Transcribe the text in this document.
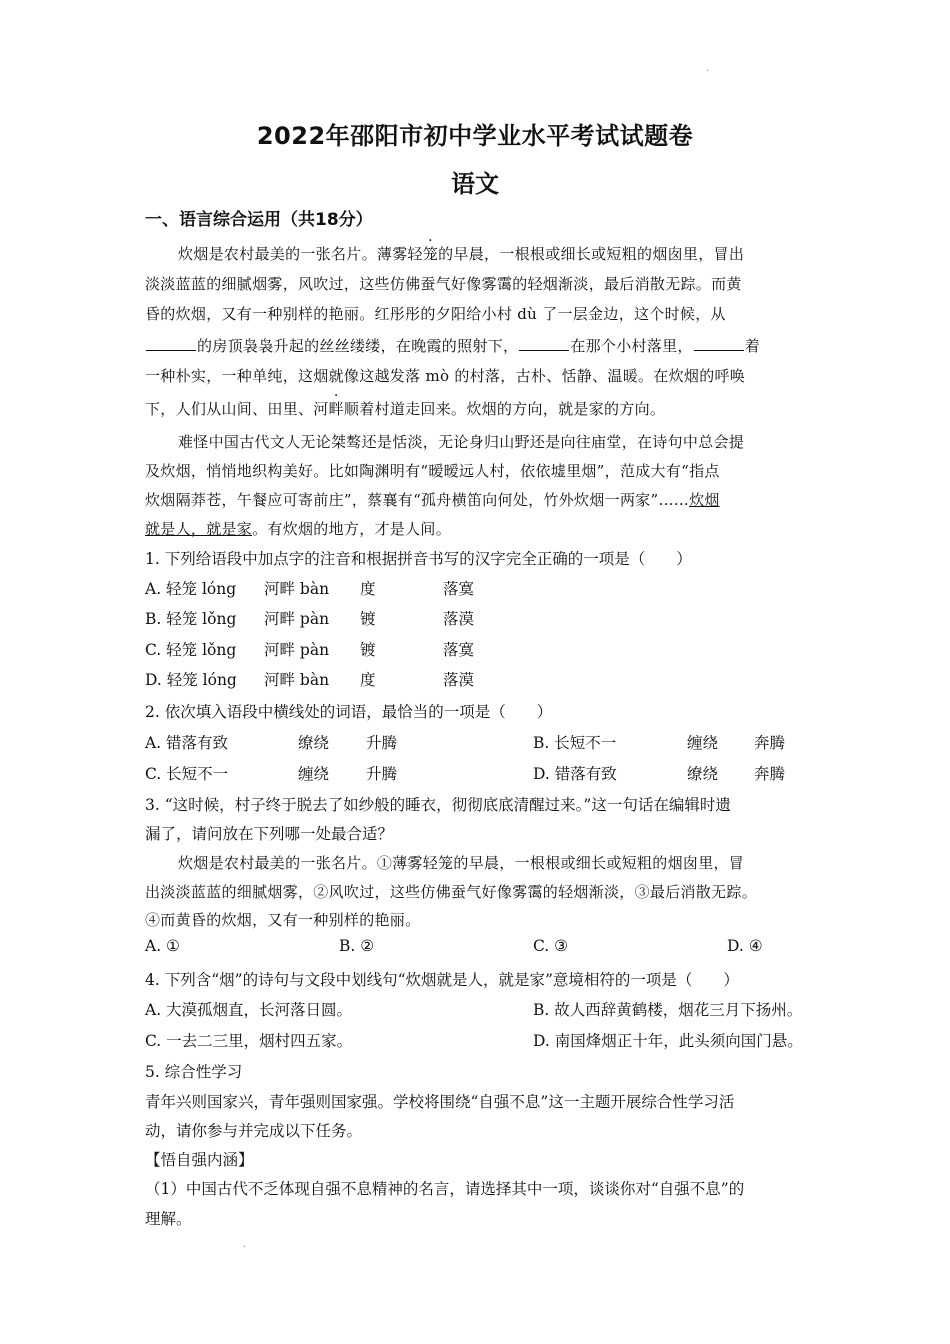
·
2022年邵阳市初中学业水平考试试题卷
语文
一、语言综合运用（共18分）
炊烟是农村最美的一张名片。薄雾轻笼的早晨，一根根或细长或短粗的烟囱里，冒出
淡淡蓝蓝的细腻烟雾，风吹过，这些仿佛蚕气好像雾霭的轻烟渐淡，最后消散无踪。而黄
昏的炊烟，又有一种别样的艳丽。红彤彤的夕阳给小村 dù 了一层金边，这个时候，从
的房顶袅袅升起的丝丝缕缕，在晚霞的照射下，	在那个小村落里，	着
一种朴实，一种单纯，这烟就像这越发落 mò 的村落，古朴、恬静、温暖。在炊烟的呼唤
下，人们从山间、田里、河畔顺着村道走回来。炊烟的方向，就是家的方向。
难怪中国古代文人无论桀骜还是恬淡，无论身归山野还是向往庙堂，在诗句中总会提
及炊烟，悄悄地织构美好。比如陶渊明有“暧暧远人村，依依墟里烟”，范成大有“指点
炊烟隔莽苍，午餐应可寄前庄”，蔡襄有“孤舟横笛向何处，竹外炊烟一两家”……炊烟
就是人，就是家。有炊烟的地方，才是人间。
1. 下列给语段中加点字的注音和根据拼音书写的汉字完全正确的一项是（　　）
A. 轻笼 lóng 河畔 bàn 度	落寞
B. 轻笼 lǒng 河畔 pàn 镀	落漠
C. 轻笼 lǒng 河畔 pàn 镀	落寞
D. 轻笼 lóng 河畔 bàn 度	落漠
2. 依次填入语段中横线处的词语，最恰当的一项是（　　）
A. 错落有致	缭绕 升腾	B. 长短不一	缠绕 奔腾
C. 长短不一	缠绕 升腾	D. 错落有致	缭绕 奔腾
3. “这时候，村子终于脱去了如纱般的睡衣，彻彻底底清醒过来。”这一句话在编辑时遗
漏了，请问放在下列哪一处最合适？
炊烟是农村最美的一张名片。①薄雾轻笼的早晨，一根根或细长或短粗的烟囱里，冒
出淡淡蓝蓝的细腻烟雾，②风吹过，这些仿佛蚕气好像雾霭的轻烟渐淡，③最后消散无踪。
④而黄昏的炊烟，又有一种别样的艳丽。
A. ①	B. ②	C. ③	D. ④
4. 下列含“烟”的诗句与文段中划线句“炊烟就是人，就是家”意境相符的一项是（　　）
A. 大漠孤烟直，长河落日圆。	B. 故人西辞黄鹤楼，烟花三月下扬州。
C. 一去二三里，烟村四五家。	D. 南国烽烟正十年，此头须向国门悬。
5. 综合性学习
青年兴则国家兴，青年强则国家强。学校将围绕“自强不息”这一主题开展综合性学习活
动，请你参与并完成以下任务。
【悟自强内涵】
（1）中国古代不乏体现自强不息精神的名言，请选择其中一项，谈谈你对“自强不息”的
理解。
·
